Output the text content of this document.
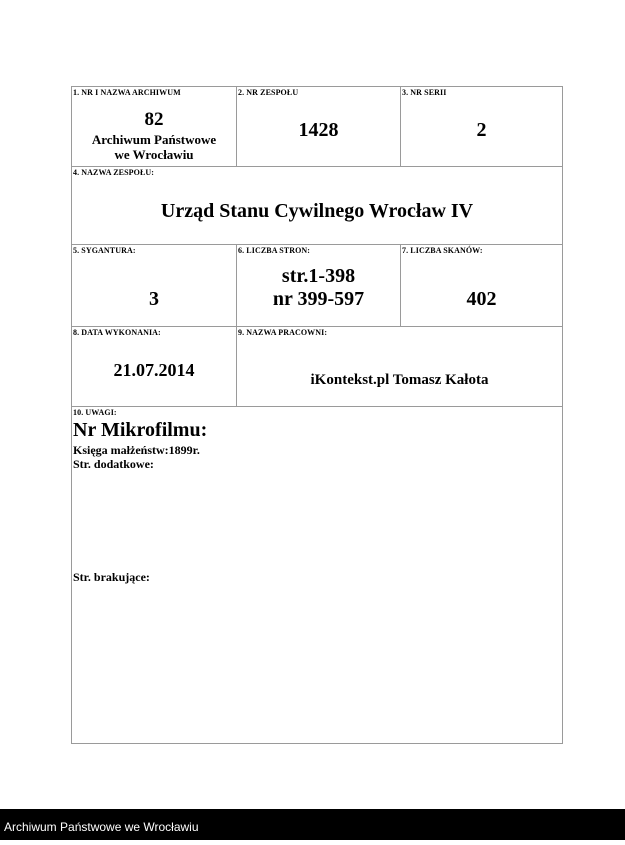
1. NR I NAZWA ARCHIWUM
82
Archiwum Państwowe
we Wrocławiu
2. NR ZESPOŁU
1428
3. NR SERII
2
4. NAZWA ZESPOŁU:
Urząd Stanu Cywilnego Wrocław IV
5. SYGANTURA:
3
6. LICZBA STRON:
str.1-398
nr 399-597
7. LICZBA SKANÓW:
402
8. DATA WYKONANIA:
21.07.2014
9. NAZWA PRACOWNI:
iKontekst.pl Tomasz Kałota
10. UWAGI:
Nr Mikrofilmu:
Księga małżeństw:1899r.
Str. dodatkowe:
Str. brakujące:
Archiwum Państwowe we Wrocławiu
